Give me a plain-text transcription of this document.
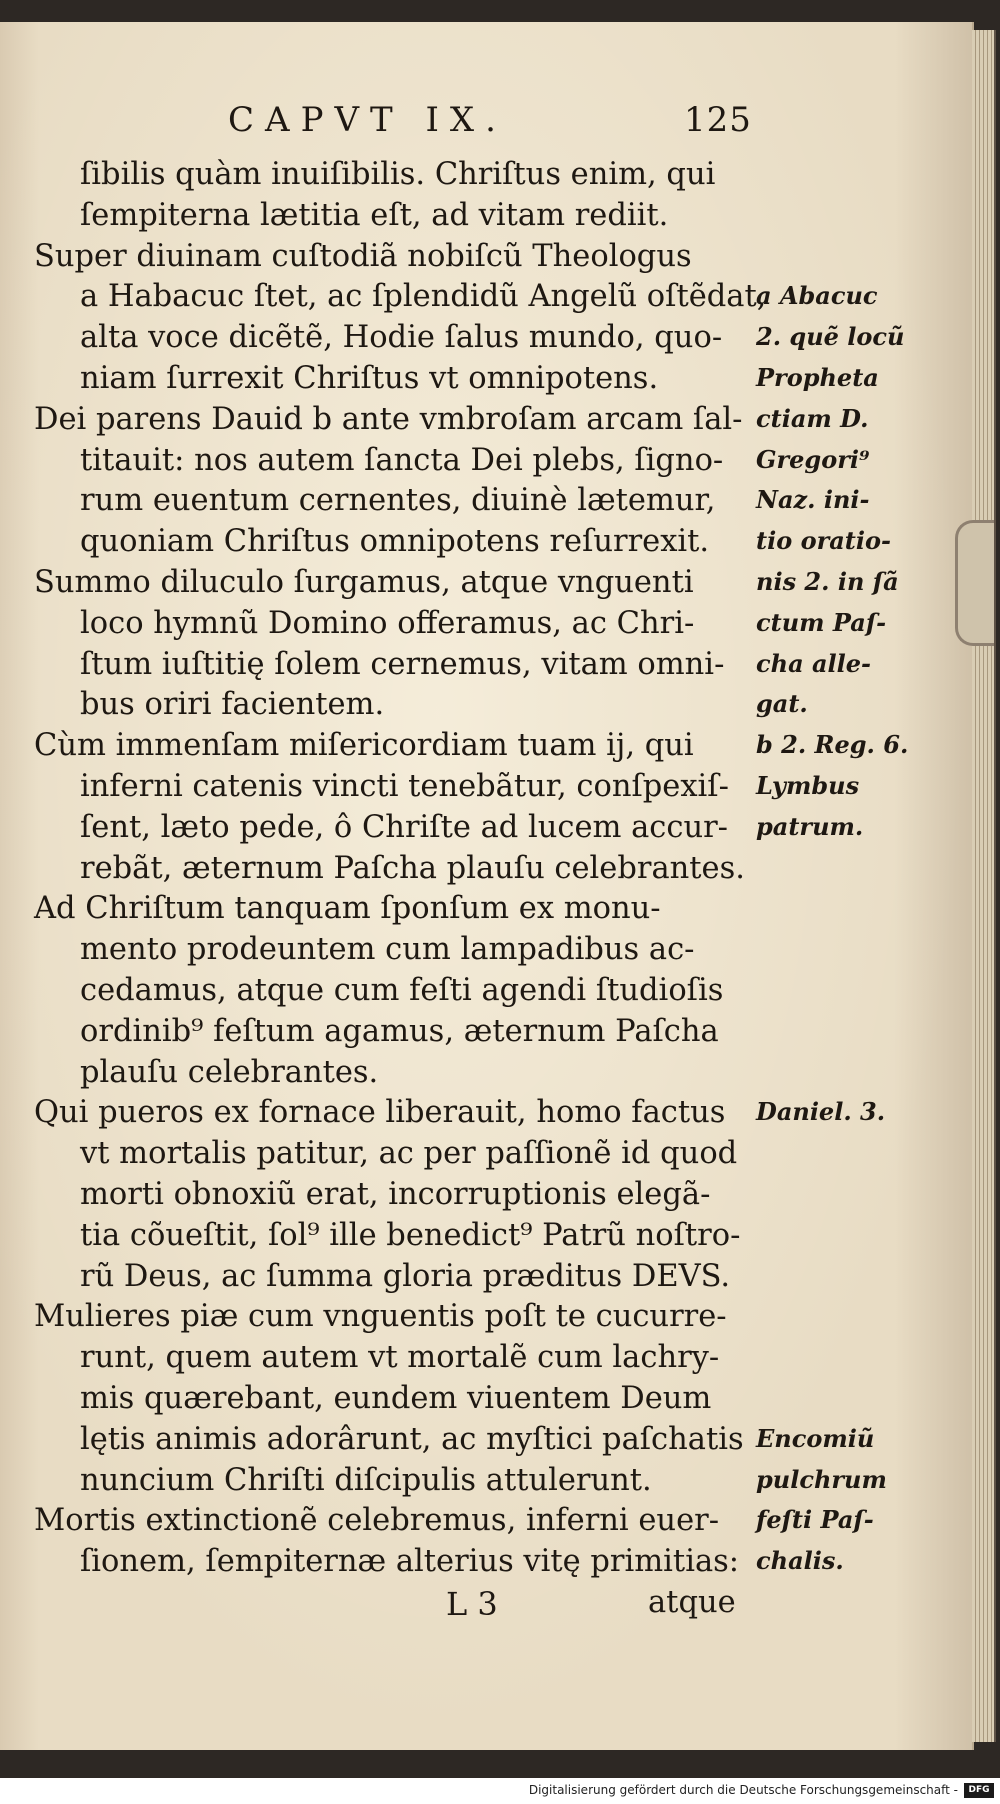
CAPVT IX.	125
ſibilis quàm inuiſibilis. Chriſtus enim, qui
ſempiterna lætitia eſt, ad vitam rediit.
Super diuinam cuſtodiã nobiſcũ Theologus
a Habacuc ſtet, ac ſplendidũ Angelũ oſtẽdat,
alta voce dicẽtẽ, Hodie ſalus mundo, quo-
niam ſurrexit Chriſtus vt omnipotens.
Dei parens Dauid b ante vmbroſam arcam ſal-
titauit: nos autem ſancta Dei plebs, ſigno-
rum euentum cernentes, diuinè lætemur,
quoniam Chriſtus omnipotens reſurrexit.
Summo diluculo ſurgamus, atque vnguenti
loco hymnũ Domino offeramus, ac Chri-
ſtum iuſtitię ſolem cernemus, vitam omni-
bus oriri facientem.
Cùm immenſam miſericordiam tuam ij, qui
inferni catenis vincti tenebãtur, conſpexiſ-
ſent, læto pede, ô Chriſte ad lucem accur-
rebãt, æternum Paſcha plauſu celebrantes.
Ad Chriſtum tanquam ſponſum ex monu-
mento prodeuntem cum lampadibus ac-
cedamus, atque cum feſti agendi ſtudioſis
ordinib⁹ feſtum agamus, æternum Paſcha
plauſu celebrantes.
Qui pueros ex fornace liberauit, homo factus
vt mortalis patitur, ac per paſſionẽ id quod
morti obnoxiũ erat, incorruptionis elegã-
tia cõueſtit, ſol⁹ ille benedict⁹ Patrũ noſtro-
rũ Deus, ac ſumma gloria præditus DEVS.
Mulieres piæ cum vnguentis poſt te cucurre-
runt, quem autem vt mortalẽ cum lachry-
mis quærebant, eundem viuentem Deum
lętis animis adorârunt, ac myſtici paſchatis
nuncium Chriſti diſcipulis attulerunt.
Mortis extinctionẽ celebremus, inferni euer-
ſionem, ſempiternæ alterius vitę primitias:
a Abacuc
2. quẽ locũ
Propheta
ctiam D.
Gregori⁹
Naz. ini-
tio oratio-
nis 2. in ſã
ctum Paſ-
cha alle-
gat.
b 2. Reg. 6.
Lymbus
patrum.
Daniel. 3.
Encomiũ
pulchrum
feſti Paſ-
chalis.
L 3	atque
Digitalisierung gefördert durch die Deutsche Forschungsgemeinschaft -	DFG
